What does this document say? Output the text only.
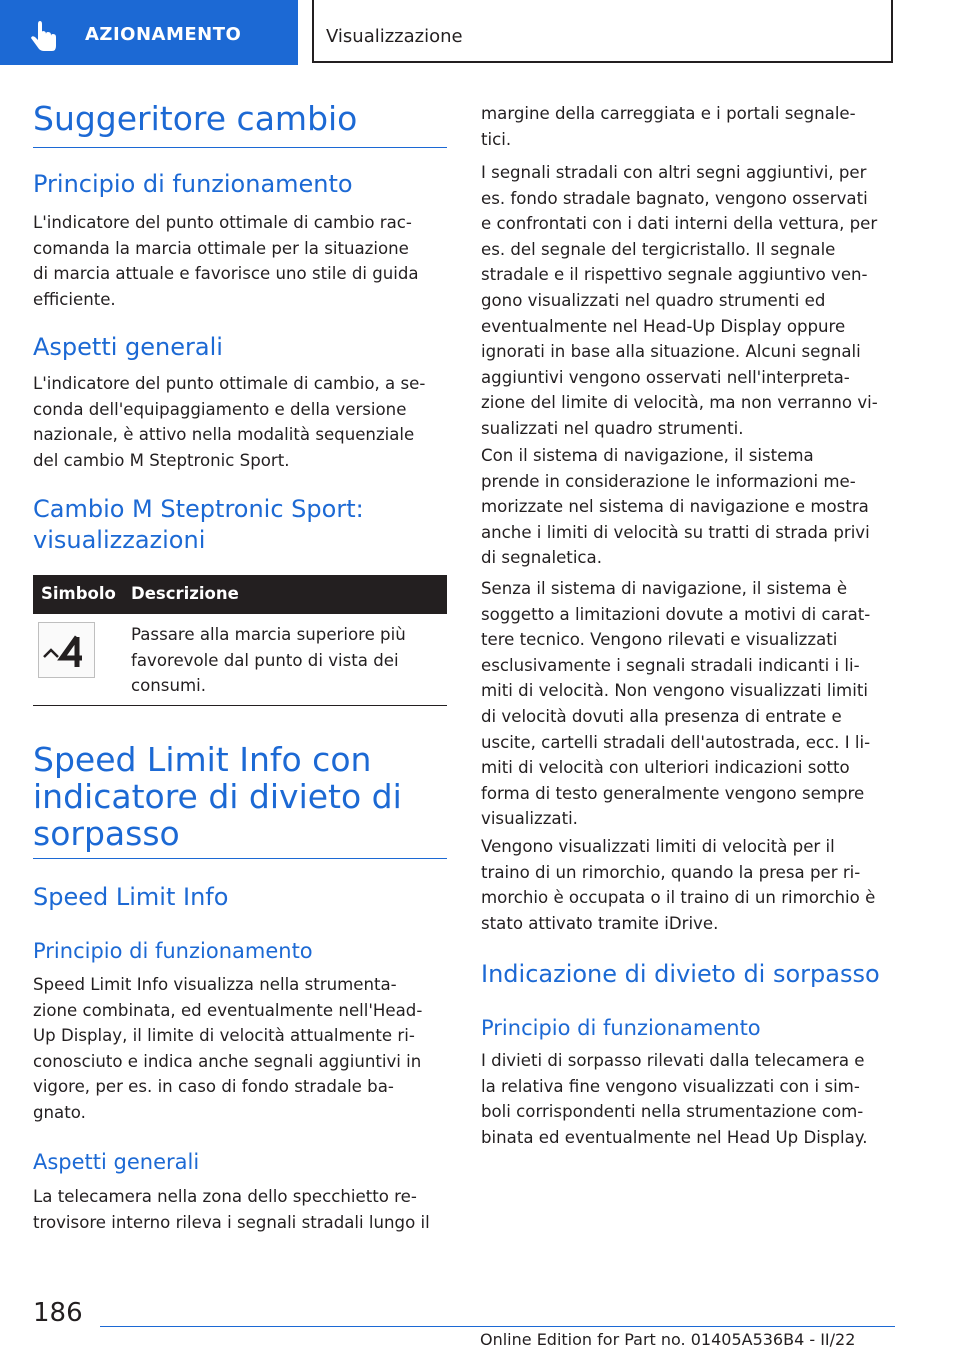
AZIONAMENTO	Visualizzazione
Suggeritore cambio
Principio di funzionamento
L'indicatore del punto ottimale di cambio rac-
comanda la marcia ottimale per la situazione
di marcia attuale e favorisce uno stile di guida
efficiente.
Aspetti generali
L'indicatore del punto ottimale di cambio, a se-
conda dell'equipaggiamento e della versione
nazionale, è attivo nella modalità sequenziale
del cambio M Steptronic Sport.
Cambio M Steptronic Sport:
visualizzazioni
Simbolo Descrizione
Passare alla marcia superiore più
favorevole dal punto di vista dei
consumi.
Speed Limit Info con
indicatore di divieto di
sorpasso
Speed Limit Info
Principio di funzionamento
Speed Limit Info visualizza nella strumenta-
zione combinata, ed eventualmente nell'Head-
Up Display, il limite di velocità attualmente ri-
conosciuto e indica anche segnali aggiuntivi in
vigore, per es. in caso di fondo stradale ba-
gnato.
Aspetti generali
La telecamera nella zona dello specchietto re-
trovisore interno rileva i segnali stradali lungo il
margine della carreggiata e i portali segnale-
tici.
I segnali stradali con altri segni aggiuntivi, per
es. fondo stradale bagnato, vengono osservati
e confrontati con i dati interni della vettura, per
es. del segnale del tergicristallo. Il segnale
stradale e il rispettivo segnale aggiuntivo ven-
gono visualizzati nel quadro strumenti ed
eventualmente nel Head-Up Display oppure
ignorati in base alla situazione. Alcuni segnali
aggiuntivi vengono osservati nell'interpreta-
zione del limite di velocità, ma non verranno vi-
sualizzati nel quadro strumenti.
Con il sistema di navigazione, il sistema
prende in considerazione le informazioni me-
morizzate nel sistema di navigazione e mostra
anche i limiti di velocità su tratti di strada privi
di segnaletica.
Senza il sistema di navigazione, il sistema è
soggetto a limitazioni dovute a motivi di carat-
tere tecnico. Vengono rilevati e visualizzati
esclusivamente i segnali stradali indicanti i li-
miti di velocità. Non vengono visualizzati limiti
di velocità dovuti alla presenza di entrate e
uscite, cartelli stradali dell'autostrada, ecc. I li-
miti di velocità con ulteriori indicazioni sotto
forma di testo generalmente vengono sempre
visualizzati.
Vengono visualizzati limiti di velocità per il
traino di un rimorchio, quando la presa per ri-
morchio è occupata o il traino di un rimorchio è
stato attivato tramite iDrive.
Indicazione di divieto di sorpasso
Principio di funzionamento
I divieti di sorpasso rilevati dalla telecamera e
la relativa fine vengono visualizzati con i sim-
boli corrispondenti nella strumentazione com-
binata ed eventualmente nel Head Up Display.
186
Online Edition for Part no. 01405A536B4 - II/22
